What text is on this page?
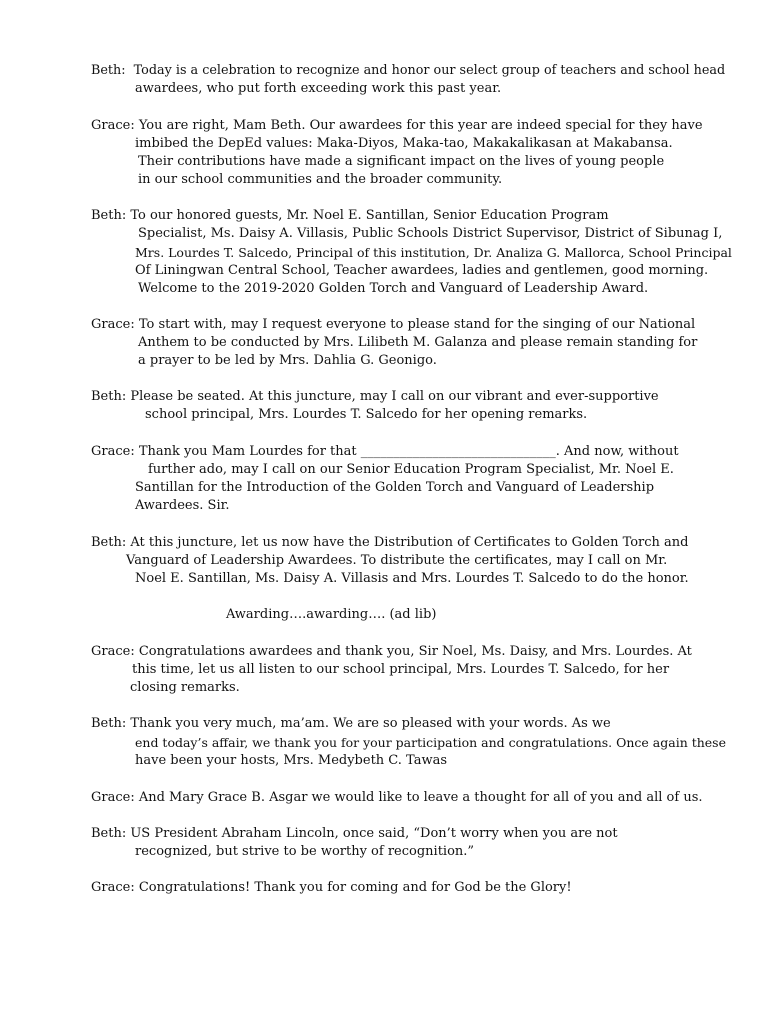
Beth:  Today is a celebration to recognize and honor our select group of teachers and school head
awardees, who put forth exceeding work this past year.
Grace: You are right, Mam Beth. Our awardees for this year are indeed special for they have
imbibed the DepEd values: Maka-Diyos, Maka-tao, Makakalikasan at Makabansa.
Their contributions have made a significant impact on the lives of young people
in our school communities and the broader community.
Beth: To our honored guests, Mr. Noel E. Santillan, Senior Education Program
Specialist, Ms. Daisy A. Villasis, Public Schools District Supervisor, District of Sibunag I,
Mrs. Lourdes T. Salcedo, Principal of this institution, Dr. Analiza G. Mallorca, School Principal
Of Liningwan Central School, Teacher awardees, ladies and gentlemen, good morning.
Welcome to the 2019-2020 Golden Torch and Vanguard of Leadership Award.
Grace: To start with, may I request everyone to please stand for the singing of our National
Anthem to be conducted by Mrs. Lilibeth M. Galanza and please remain standing for
a prayer to be led by Mrs. Dahlia G. Geonigo.
Beth: Please be seated. At this juncture, may I call on our vibrant and ever-supportive
school principal, Mrs. Lourdes T. Salcedo for her opening remarks.
Grace: Thank you Mam Lourdes for that ______________________________. And now, without
further ado, may I call on our Senior Education Program Specialist, Mr. Noel E.
Santillan for the Introduction of the Golden Torch and Vanguard of Leadership
Awardees. Sir.
Beth: At this juncture, let us now have the Distribution of Certificates to Golden Torch and
Vanguard of Leadership Awardees. To distribute the certificates, may I call on Mr.
Noel E. Santillan, Ms. Daisy A. Villasis and Mrs. Lourdes T. Salcedo to do the honor.
Awarding….awarding…. (ad lib)
Grace: Congratulations awardees and thank you, Sir Noel, Ms. Daisy, and Mrs. Lourdes. At
this time, let us all listen to our school principal, Mrs. Lourdes T. Salcedo, for her
closing remarks.
Beth: Thank you very much, ma’am. We are so pleased with your words. As we
end today’s affair, we thank you for your participation and congratulations. Once again these
have been your hosts, Mrs. Medybeth C. Tawas
Grace: And Mary Grace B. Asgar we would like to leave a thought for all of you and all of us.
Beth: US President Abraham Lincoln, once said, “Don’t worry when you are not
recognized, but strive to be worthy of recognition.”
Grace: Congratulations! Thank you for coming and for God be the Glory!
